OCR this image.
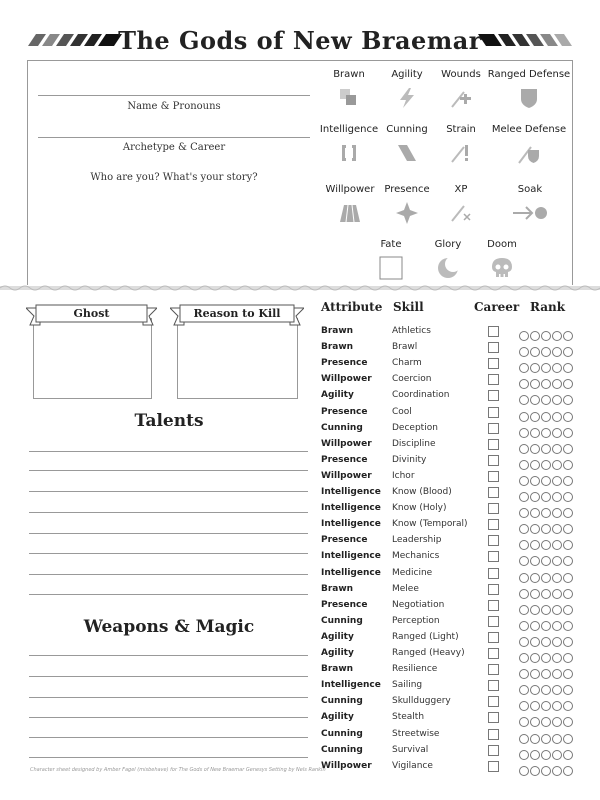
The Gods of New Braemar
Name & Pronouns
Archetype & Career
Who are you? What's your story?
Brawn	Agility	Wounds Ranged Defense
Intelligence Cunning	Strain	Melee Defense
Willpower Presence	XP	Soak
Fate	Glory	Doom
Ghost	Reason to Kill
Talents
Weapons & Magic
Attribute Skill	Career Rank
Brawn	Athletics
Brawn	Brawl
Presence	Charm
Willpower Coercion
Agility	Coordination
Presence	Cool
Cunning	Deception
Willpower Discipline
Presence	Divinity
Willpower Ichor
Intelligence Know (Blood)
Intelligence Know (Holy)
Intelligence Know (Temporal)
Presence	Leadership
Intelligence Mechanics
Intelligence Medicine
Brawn	Melee
Presence	Negotiation
Cunning	Perception
Agility	Ranged (Light)
Agility	Ranged (Heavy)
Brawn	Resilience
Intelligence Sailing
Cunning	Skullduggery
Agility	Stealth
Cunning	Streetwise
Cunning	Survival
Willpower Vigilance
Character sheet designed by Amber Fagel (misbehave) for The Gods of New Braemar Genesys Setting by Nels Rankin
